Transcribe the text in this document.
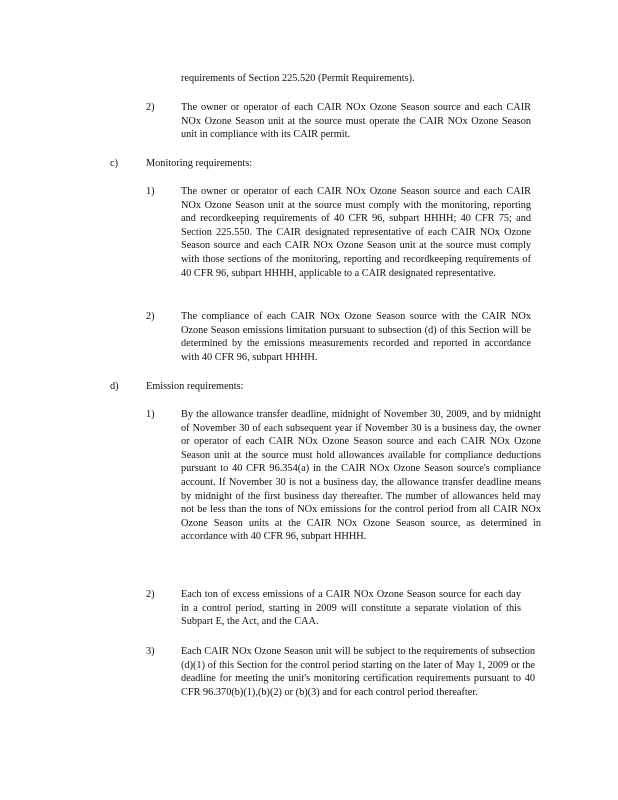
requirements of Section 225.520 (Permit Requirements).
2)	The owner or operator of each CAIR NOx Ozone Season source and each CAIR NOx Ozone Season unit at the source must operate the CAIR NOx Ozone Season unit in compliance with its CAIR permit.
c)	Monitoring requirements:
1)	The owner or operator of each CAIR NOx Ozone Season source and each CAIR NOx Ozone Season unit at the source must comply with the monitoring, reporting and recordkeeping requirements of 40 CFR 96, subpart HHHH; 40 CFR 75; and Section 225.550. The CAIR designated representative of each CAIR NOx Ozone Season source and each CAIR NOx Ozone Season unit at the source must comply with those sections of the monitoring, reporting and recordkeeping requirements of 40 CFR 96, subpart HHHH, applicable to a CAIR designated representative.
2)	The compliance of each CAIR NOx Ozone Season source with the CAIR NOx Ozone Season emissions limitation pursuant to subsection (d) of this Section will be determined by the emissions measurements recorded and reported in accordance with 40 CFR 96, subpart HHHH.
d)	Emission requirements:
1)	By the allowance transfer deadline, midnight of November 30, 2009, and by midnight of November 30 of each subsequent year if November 30 is a business day, the owner or operator of each CAIR NOx Ozone Season source and each CAIR NOx Ozone Season unit at the source must hold allowances available for compliance deductions pursuant to 40 CFR 96.354(a) in the CAIR NOx Ozone Season source's compliance account. If November 30 is not a business day, the allowance transfer deadline means by midnight of the first business day thereafter. The number of allowances held may not be less than the tons of NOx emissions for the control period from all CAIR NOx Ozone Season units at the CAIR NOx Ozone Season source, as determined in accordance with 40 CFR 96, subpart HHHH.
2)	Each ton of excess emissions of a CAIR NOx Ozone Season source for each day in a control period, starting in 2009 will constitute a separate violation of this Subpart E, the Act, and the CAA.
3)	Each CAIR NOx Ozone Season unit will be subject to the requirements of subsection (d)(1) of this Section for the control period starting on the later of May 1, 2009 or the deadline for meeting the unit's monitoring certification requirements pursuant to 40 CFR 96.370(b)(1),(b)(2) or (b)(3) and for each control period thereafter.
